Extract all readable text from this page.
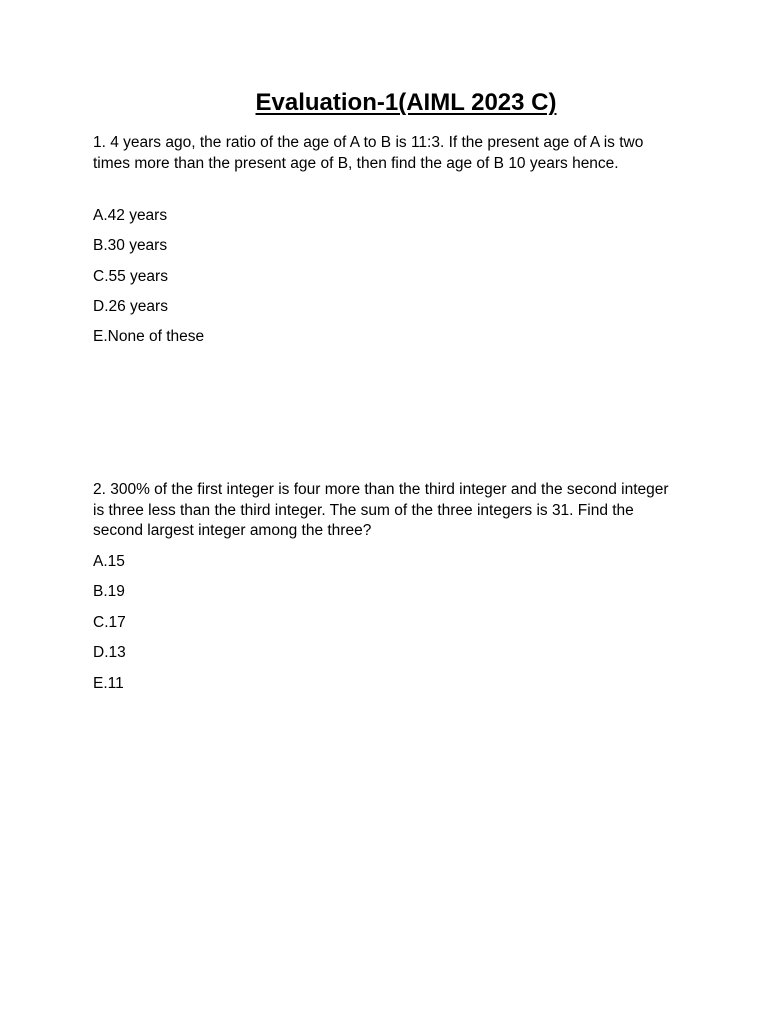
Evaluation-1(AIML 2023 C)

1. 4 years ago, the ratio of the age of A to B is 11:3. If the present age of A is two times more than the present age of B, then find the age of B 10 years hence.

A.42 years
B.30 years
C.55 years
D.26 years
E.None of these

2. 300% of the first integer is four more than the third integer and the second integer is three less than the third integer. The sum of the three integers is 31. Find the second largest integer among the three?

A.15
B.19
C.17
D.13
E.11
